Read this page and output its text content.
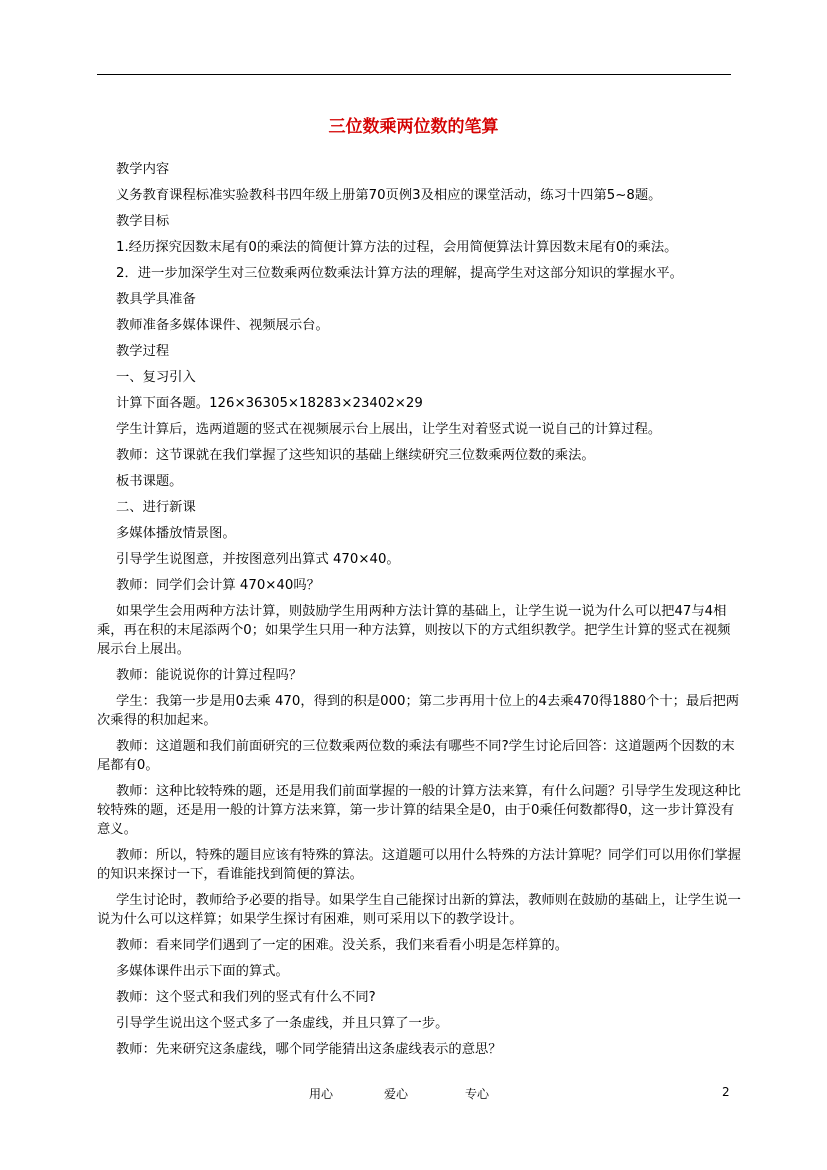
三位数乘两位数的笔算

教学内容

义务教育课程标准实验教科书四年级上册第70页例3及相应的课堂活动，练习十四第5~8题。

教学目标

1.经历探究因数末尾有0的乘法的简便计算方法的过程，会用简便算法计算因数末尾有0的乘法。

2．进一步加深学生对三位数乘两位数乘法计算方法的理解，提高学生对这部分知识的掌握水平。

教具学具准备

教师准备多媒体课件、视频展示台。

教学过程

一、复习引入

计算下面各题。126×36305×18283×23402×29

学生计算后，选两道题的竖式在视频展示台上展出，让学生对着竖式说一说自己的计算过程。

教师：这节课就在我们掌握了这些知识的基础上继续研究三位数乘两位数的乘法。

板书课题。

二、进行新课

多媒体播放情景图。

引导学生说图意，并按图意列出算式 470×40。

教师：同学们会计算 470×40吗？

如果学生会用两种方法计算，则鼓励学生用两种方法计算的基础上，让学生说一说为什么可以把47与4相乘，再在积的末尾添两个0；如果学生只用一种方法算，则按以下的方式组织教学。把学生计算的竖式在视频展示台上展出。

教师：能说说你的计算过程吗？

学生：我第一步是用0去乘 470，得到的积是000；第二步再用十位上的4去乘470得1880个十；最后把两次乘得的积加起来。

教师：这道题和我们前面研究的三位数乘两位数的乘法有哪些不同?学生讨论后回答：这道题两个因数的末尾都有0。

教师：这种比较特殊的题，还是用我们前面掌握的一般的计算方法来算，有什么问题？引导学生发现这种比较特殊的题，还是用一般的计算方法来算，第一步计算的结果全是0，由于0乘任何数都得0，这一步计算没有意义。

教师：所以，特殊的题目应该有特殊的算法。这道题可以用什么特殊的方法计算呢？同学们可以用你们掌握的知识来探讨一下，看谁能找到简便的算法。

学生讨论时，教师给予必要的指导。如果学生自己能探讨出新的算法，教师则在鼓励的基础上，让学生说一说为什么可以这样算；如果学生探讨有困难，则可采用以下的教学设计。

教师：看来同学们遇到了一定的困难。没关系，我们来看看小明是怎样算的。

多媒体课件出示下面的算式。

教师：这个竖式和我们列的竖式有什么不同?

引导学生说出这个竖式多了一条虚线，并且只算了一步。

教师：先来研究这条虚线，哪个同学能猜出这条虚线表示的意思？

用心	爱心	专心	2
